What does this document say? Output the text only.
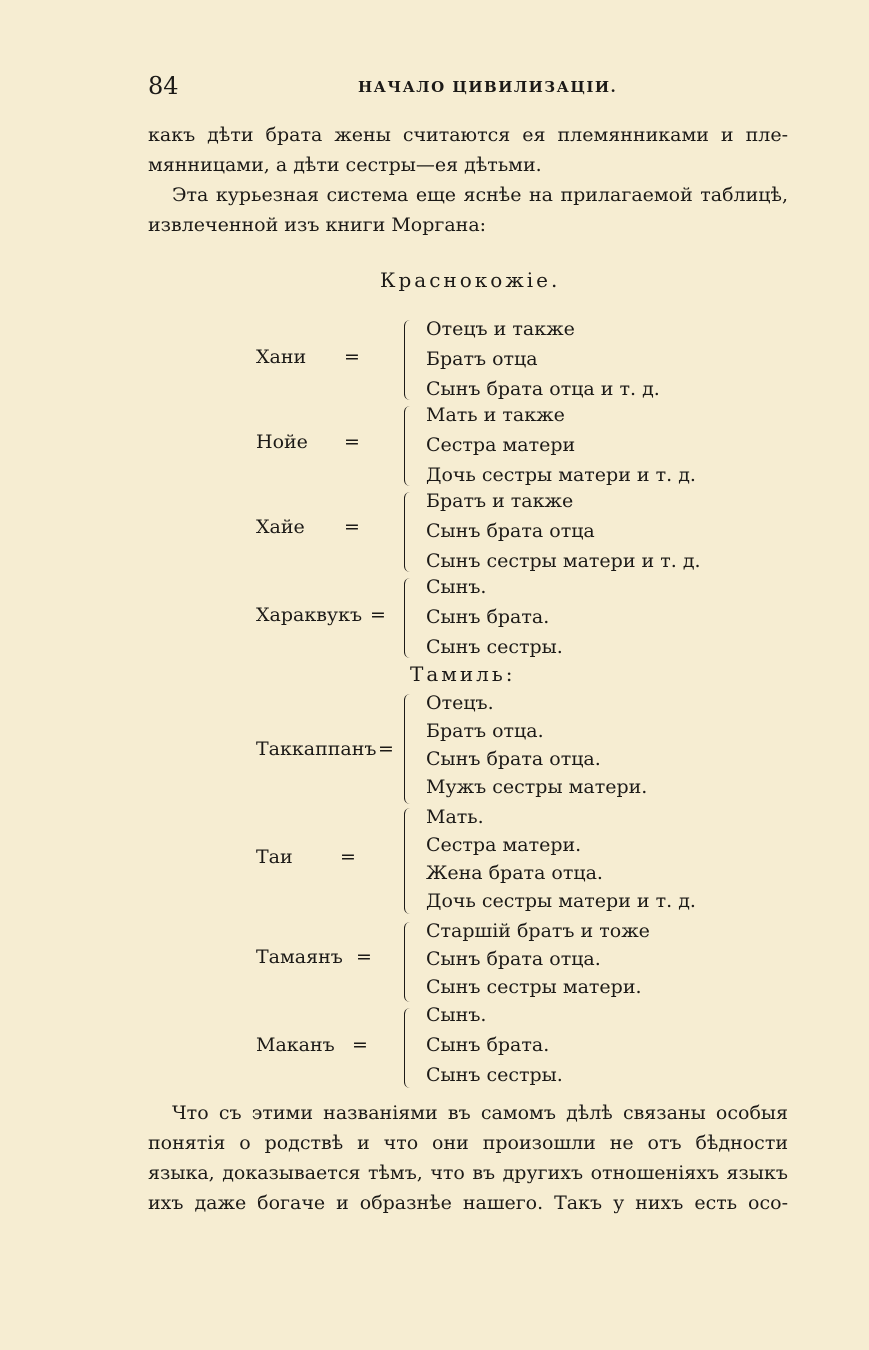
84	НАЧАЛО ЦИВИЛИЗАЦІИ.
какъ дѣти брата жены считаются ея племянниками и пле-
мянницами, а дѣти сестры—ея дѣтьми.
Эта курьезная система еще яснѣе на прилагаемой таблицѣ,
извлеченной изъ книги Моргана:
Краснокожіе.
Хани =
Отецъ и также
Братъ отца
Сынъ брата отца и т. д.
Нойе =
Мать и также
Сестра матери
Дочь сестры матери и т. д.
Хайе =
Братъ и также
Сынъ брата отца
Сынъ сестры матери и т. д.
Хараквукъ =
Сынъ.
Сынъ брата.
Сынъ сестры.
Тамиль:
Таккаппанъ =
Отецъ.
Братъ отца.
Сынъ брата отца.
Мужъ сестры матери.
Таи =
Мать.
Сестра матери.
Жена брата отца.
Дочь сестры матери и т. д.
Тамаянъ =
Старшій братъ и тоже
Сынъ брата отца.
Сынъ сестры матери.
Маканъ =
Сынъ.
Сынъ брата.
Сынъ сестры.
Что съ этими названіями въ самомъ дѣлѣ связаны особыя
понятія о родствѣ и что они произошли не отъ бѣдности
языка, доказывается тѣмъ, что въ другихъ отношеніяхъ языкъ
ихъ даже богаче и образнѣе нашего. Такъ у нихъ есть осо-
